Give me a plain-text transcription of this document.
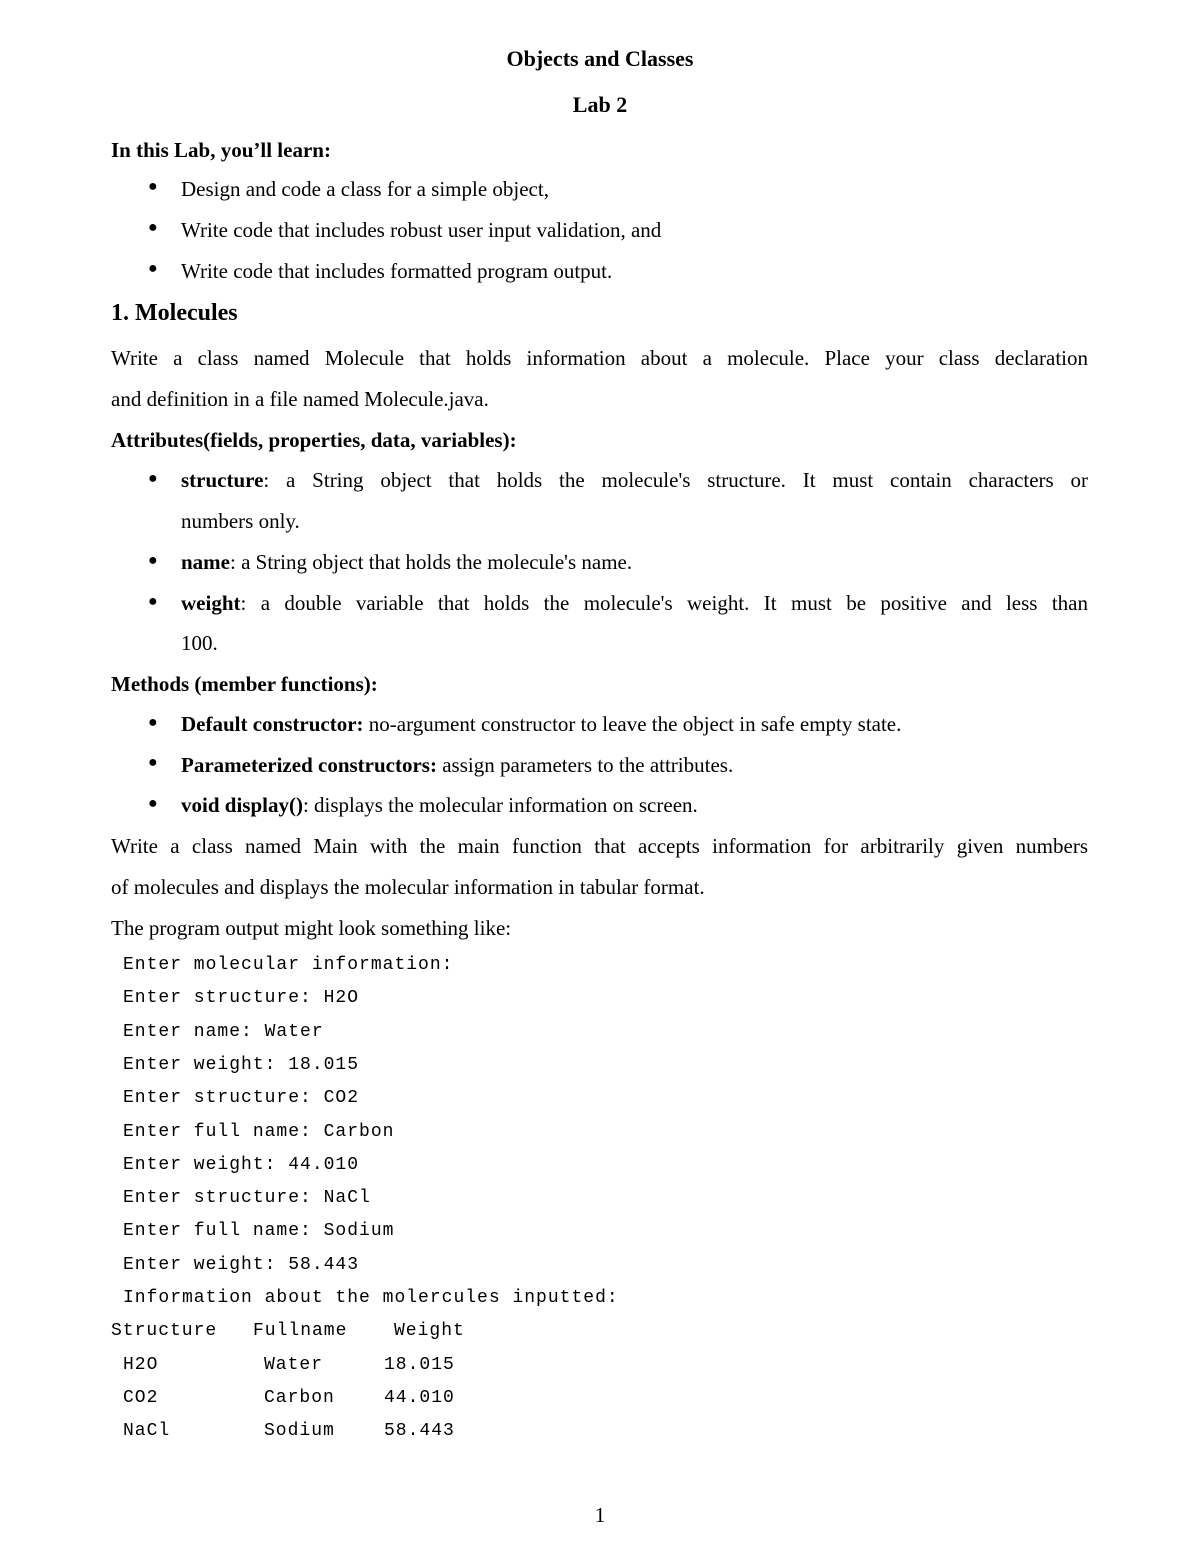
Objects and Classes
Lab 2
In this Lab, you’ll learn:
● Design and code a class for a simple object,
● Write code that includes robust user input validation, and
● Write code that includes formatted program output.
1. Molecules
Write a class named Molecule that holds information about a molecule. Place your class declaration
and definition in a file named Molecule.java.
Attributes(fields, properties, data, variables):
● structure: a String object that holds the molecule's structure. It must contain characters or
numbers only.
● name: a String object that holds the molecule's name.
● weight: a double variable that holds the molecule's weight. It must be positive and less than
100.
Methods (member functions):
● Default constructor: no-argument constructor to leave the object in safe empty state.
● Parameterized constructors: assign parameters to the attributes.
● void display(): displays the molecular information on screen.
Write a class named Main with the main function that accepts information for arbitrarily given numbers
of molecules and displays the molecular information in tabular format.
The program output might look something like:
Enter molecular information:
Enter structure: H2O
Enter name: Water
Enter weight: 18.015
Enter structure: CO2
Enter full name: Carbon
Enter weight: 44.010
Enter structure: NaCl
Enter full name: Sodium
Enter weight: 58.443
Information about the molercules inputted:
Structure Fullname	Weight
H2O	Water	18.015
CO2	Carbon	44.010
NaCl	Sodium	58.443
1
